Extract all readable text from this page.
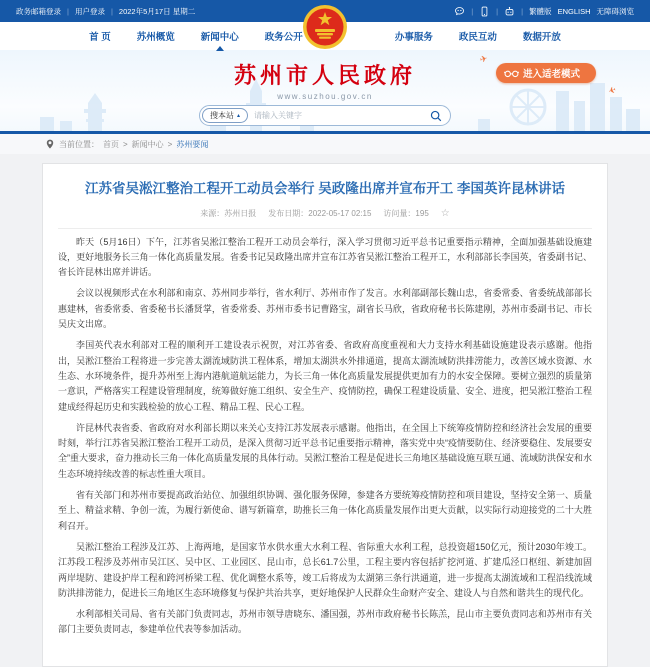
政务邮箱登录 | 用户登录 | 2022年5月17日 星期二	|	|	| 繁體版 ENGLISH 无障碍浏览
首 页	苏州概览	新闻中心	政务公开	办事服务	政民互动	数据开放
苏州市人民政府
www.suzhou.gov.cn
✈
进入适老模式
✈
搜本站 ▴
请输入关键字
当前位置： 首页 > 新闻中心 > 苏州要闻
江苏省吴淞江整治工程开工动员会举行 吴政隆出席并宣布开工 李国英许昆林讲话
来源：苏州日报 发布日期：2022-05-17 02:15 访问量：195 ☆

昨天（5月16日）下午，江苏省吴淞江整治工程开工动员会举行，深入学习贯彻习近平总书记重要指示精神，全面加强基础设施建设，更好地服务长三角一体化高质量发展。省委书记吴政隆出席并宣布江苏省吴淞江整治工程开工，水利部部长李国英，省委副书记、省长许昆林出席并讲话。

会议以视频形式在水利部和南京、苏州同步举行，省水利厅、苏州市作了发言。水利部副部长魏山忠，省委常委、省委统战部部长惠建林，省委常委、省委秘书长潘贤掌，省委常委、苏州市委书记曹路宝，副省长马欣，省政府秘书长陈建刚，苏州市委副书记、市长吴庆文出席。

李国英代表水利部对工程的顺利开工建设表示祝贺，对江苏省委、省政府高度重视和大力支持水利基础设施建设表示感谢。他指出，吴淞江整治工程将进一步完善太湖流域防洪工程体系，增加太湖洪水外排通道，提高太湖流域防洪排涝能力，改善区域水资源、水生态、水环境条件，提升苏州至上海内港航道航运能力，为长三角一体化高质量发展提供更加有力的水安全保障。要树立强烈的质量第一意识，严格落实工程建设管理制度，统筹做好施工组织、安全生产、疫情防控，确保工程建设质量、安全、进度，把吴淞江整治工程建成经得起历史和实践检验的放心工程、精品工程、民心工程。

许昆林代表省委、省政府对水利部长期以来关心支持江苏发展表示感谢。他指出，在全国上下统筹疫情防控和经济社会发展的重要时刻，举行江苏省吴淞江整治工程开工动员，是深入贯彻习近平总书记重要指示精神，落实党中央“疫情要防住、经济要稳住、发展要安全”重大要求，奋力推动长三角一体化高质量发展的具体行动。吴淞江整治工程是促进长三角地区基础设施互联互通、流域防洪保安和水生态环境持续改善的标志性重大项目。

省有关部门和苏州市要提高政治站位、加强组织协调、强化服务保障，参建各方要统筹疫情防控和项目建设，坚持安全第一、质量至上、精益求精、争创一流，为履行新使命、谱写新篇章，助推长三角一体化高质量发展作出更大贡献，以实际行动迎接党的二十大胜利召开。

吴淞江整治工程涉及江苏、上海两地，是国家节水供水重大水利工程、省际重大水利工程，总投资超150亿元，预计2030年竣工。江苏段工程涉及苏州市吴江区、吴中区、工业园区、昆山市，总长61.7公里，工程主要内容包括扩挖河道、扩建瓜泾口枢纽、新建加固两岸堤防、建设护岸工程和跨河桥梁工程、优化调整水系等，竣工后将成为太湖第三条行洪通道，进一步提高太湖流域和工程沿线流域防洪排涝能力，促进长三角地区生态环境修复与保护共治共享，更好地保护人民群众生命财产安全、建设人与自然和谐共生的现代化。

水利部相关司局、省有关部门负责同志，苏州市领导唐晓东、潘国强，苏州市政府秘书长陈羔，昆山市主要负责同志和苏州市有关部门主要负责同志，参建单位代表等参加活动。
